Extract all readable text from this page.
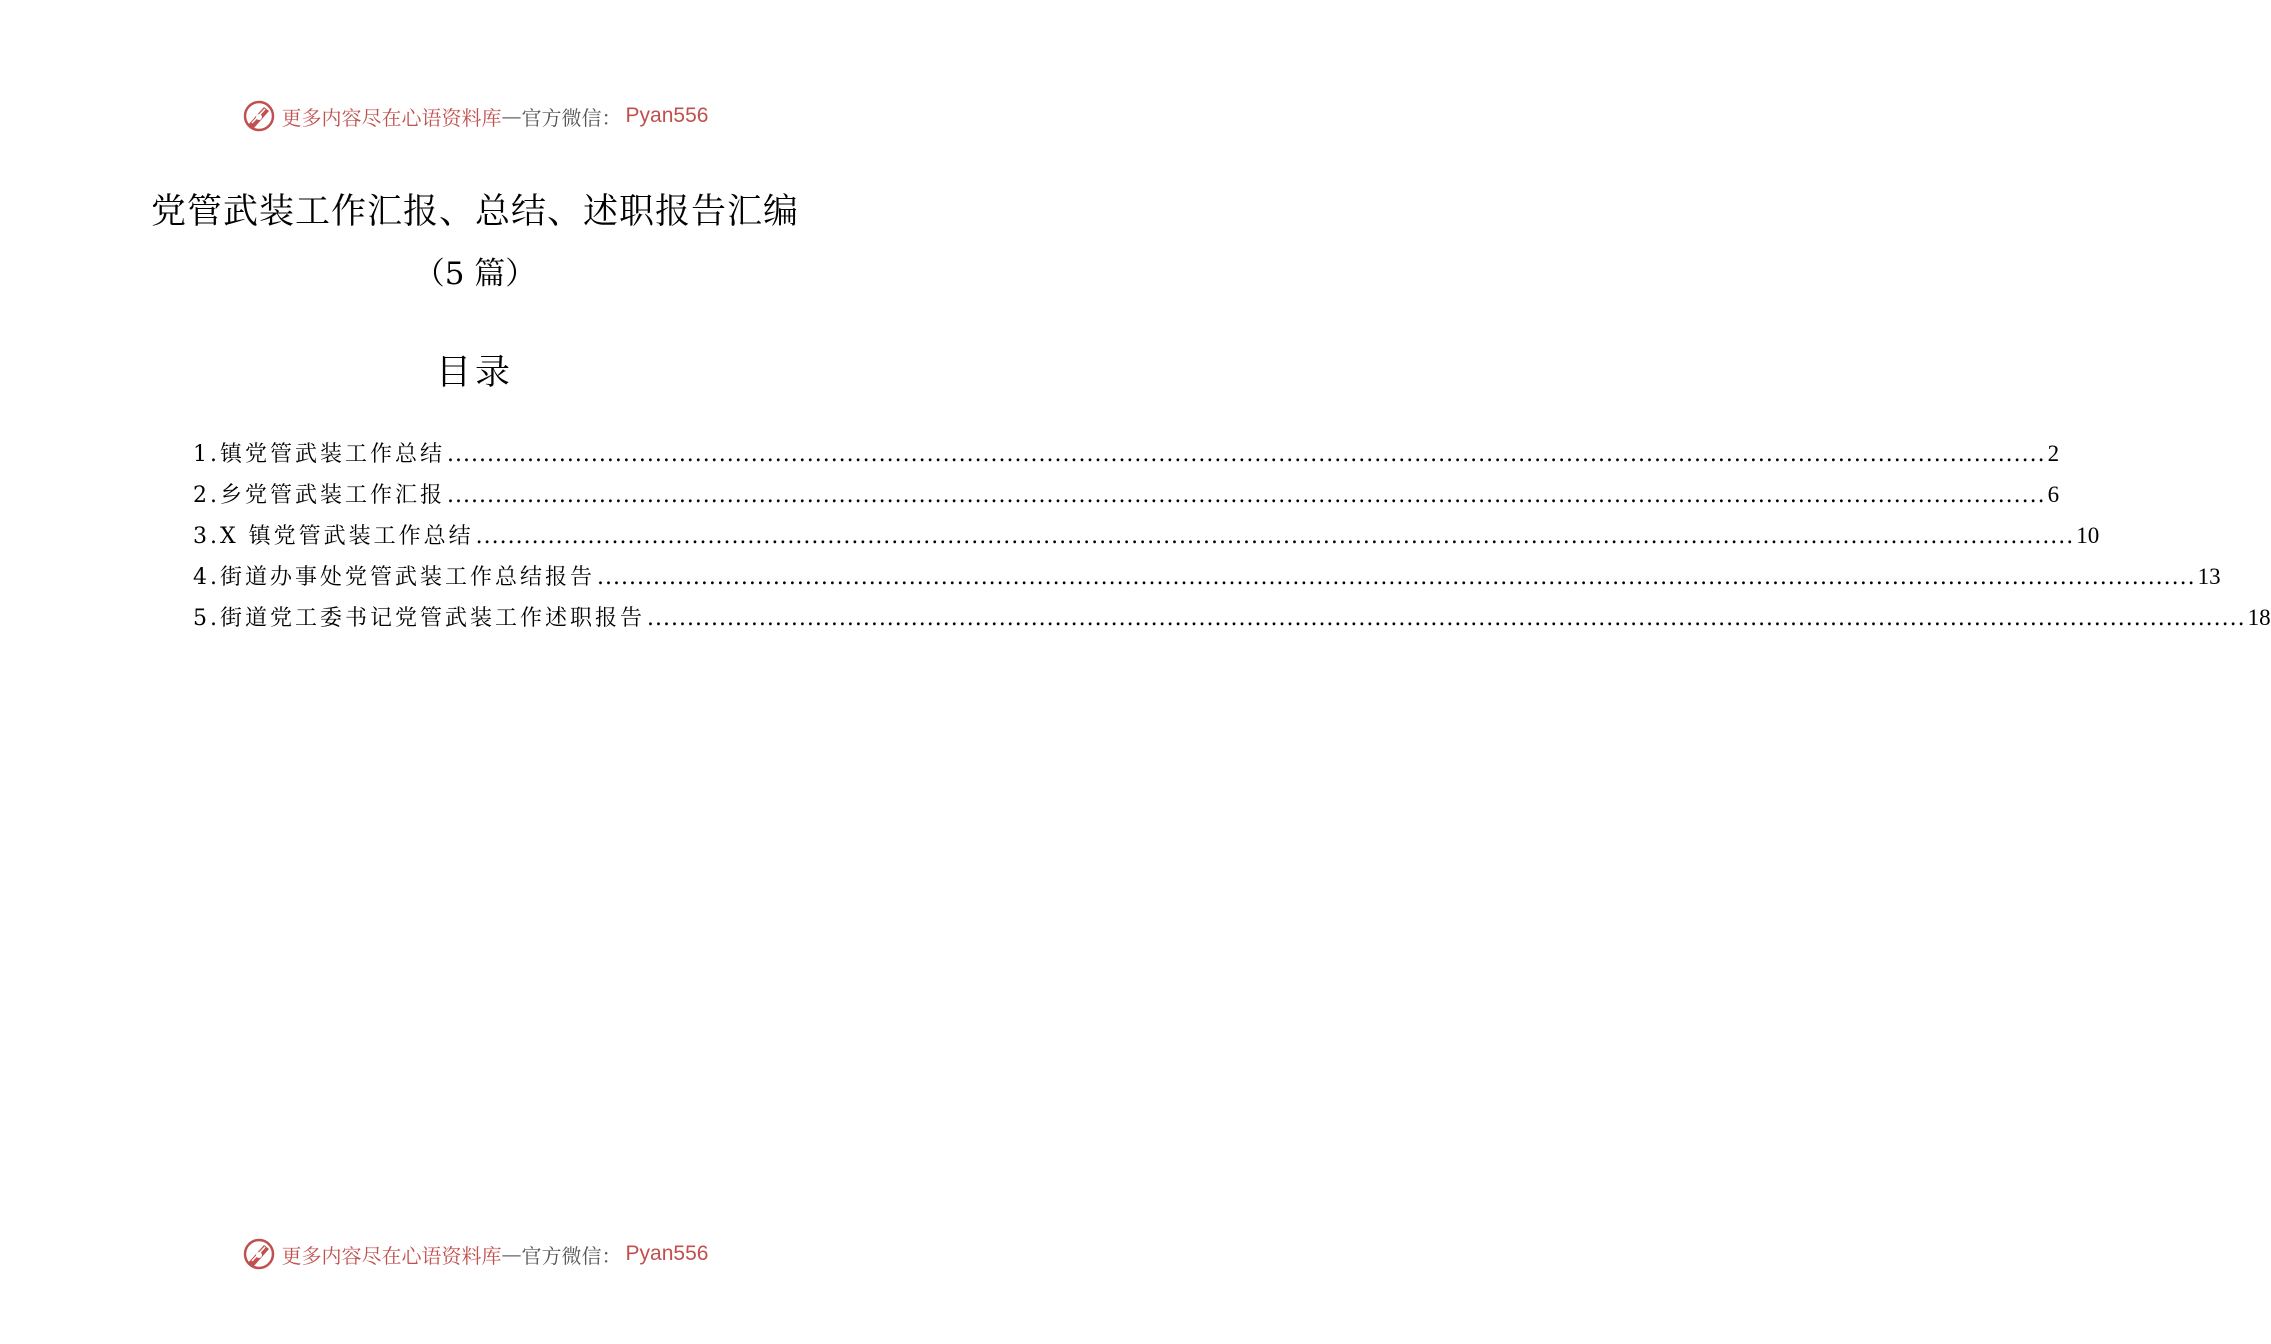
更多内容尽在心语资料库 — 官方微信： Pyan556
党管武装工作汇报、总结、述职报告汇编
（5 篇）
目录
1. 镇党管武装工作总结 ........................................................................................................................................................................................................ 2
2. 乡党管武装工作汇报 ........................................................................................................................................................................................................ 6
3. X 镇党管武装工作总结 ........................................................................................................................................................................................................ 10
4. 街道办事处党管武装工作总结报告 ........................................................................................................................................................................................................ 13
5. 街道党工委书记党管武装工作述职报告 ........................................................................................................................................................................................................ 18
更多内容尽在心语资料库 — 官方微信： Pyan556
